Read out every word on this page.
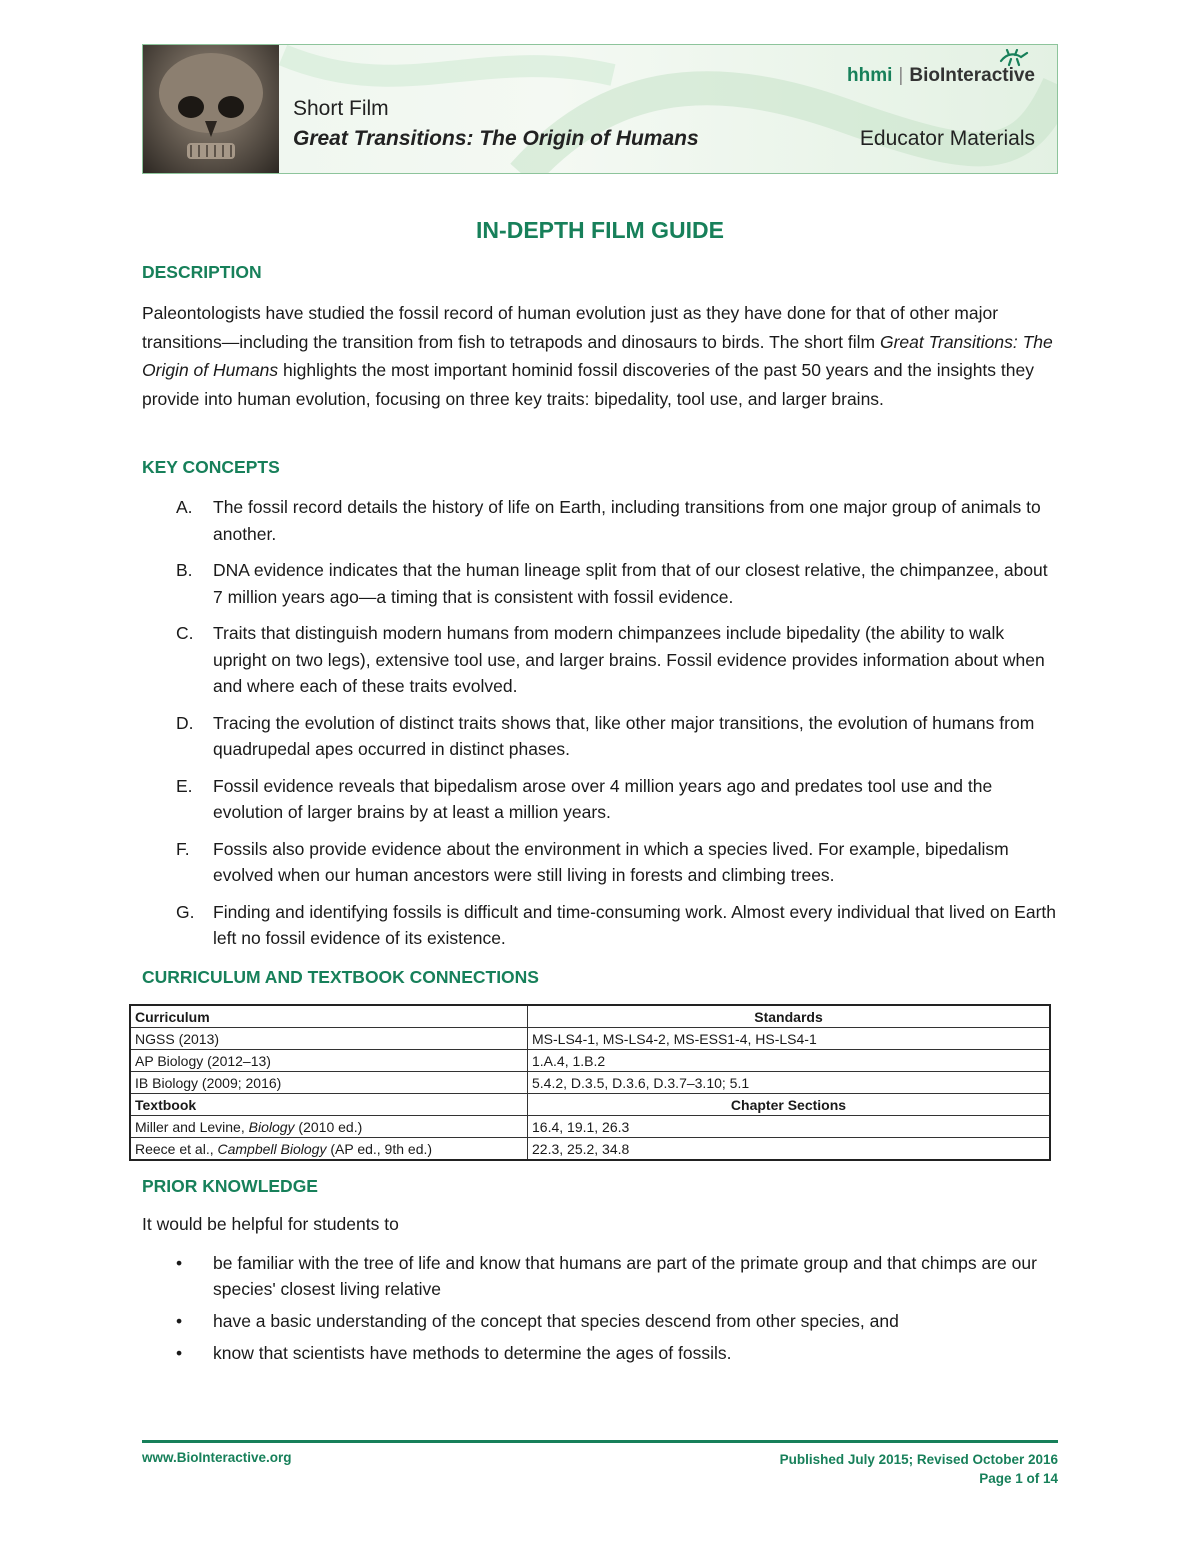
Short Film
Great Transitions: The Origin of Humans	Educator Materials
hhmi | BioInteractive
IN-DEPTH FILM GUIDE
DESCRIPTION

Paleontologists have studied the fossil record of human evolution just as they have done for that of other major transitions—including the transition from fish to tetrapods and dinosaurs to birds. The short film Great Transitions: The Origin of Humans highlights the most important hominid fossil discoveries of the past 50 years and the insights they provide into human evolution, focusing on three key traits: bipedality, tool use, and larger brains.

KEY CONCEPTS
A.	The fossil record details the history of life on Earth, including transitions from one major group of animals to another.
B.	DNA evidence indicates that the human lineage split from that of our closest relative, the chimpanzee, about 7 million years ago—a timing that is consistent with fossil evidence.
C.	Traits that distinguish modern humans from modern chimpanzees include bipedality (the ability to walk upright on two legs), extensive tool use, and larger brains. Fossil evidence provides information about when and where each of these traits evolved.
D.	Tracing the evolution of distinct traits shows that, like other major transitions, the evolution of humans from quadrupedal apes occurred in distinct phases.
E.	Fossil evidence reveals that bipedalism arose over 4 million years ago and predates tool use and the evolution of larger brains by at least a million years.
F.	Fossils also provide evidence about the environment in which a species lived. For example, bipedalism evolved when our human ancestors were still living in forests and climbing trees.
G.	Finding and identifying fossils is difficult and time-consuming work. Almost every individual that lived on Earth left no fossil evidence of its existence.
CURRICULUM AND TEXTBOOK CONNECTIONS
Curriculum	Standards
NGSS (2013)	MS-LS4-1, MS-LS4-2, MS-ESS1-4, HS-LS4-1
AP Biology (2012–13)	1.A.4, 1.B.2
IB Biology (2009; 2016)	5.4.2, D.3.5, D.3.6, D.3.7–3.10; 5.1
Textbook	Chapter Sections
Miller and Levine, Biology (2010 ed.)	16.4, 19.1, 26.3
Reece et al., Campbell Biology (AP ed., 9th ed.)	22.3, 25.2, 34.8
PRIOR KNOWLEDGE

It would be helpful for students to

•	be familiar with the tree of life and know that humans are part of the primate group and that chimps are our species' closest living relative
•	have a basic understanding of the concept that species descend from other species, and
•	know that scientists have methods to determine the ages of fossils.
www.BioInteractive.org	Published July 2015; Revised October 2016
Page 1 of 14
